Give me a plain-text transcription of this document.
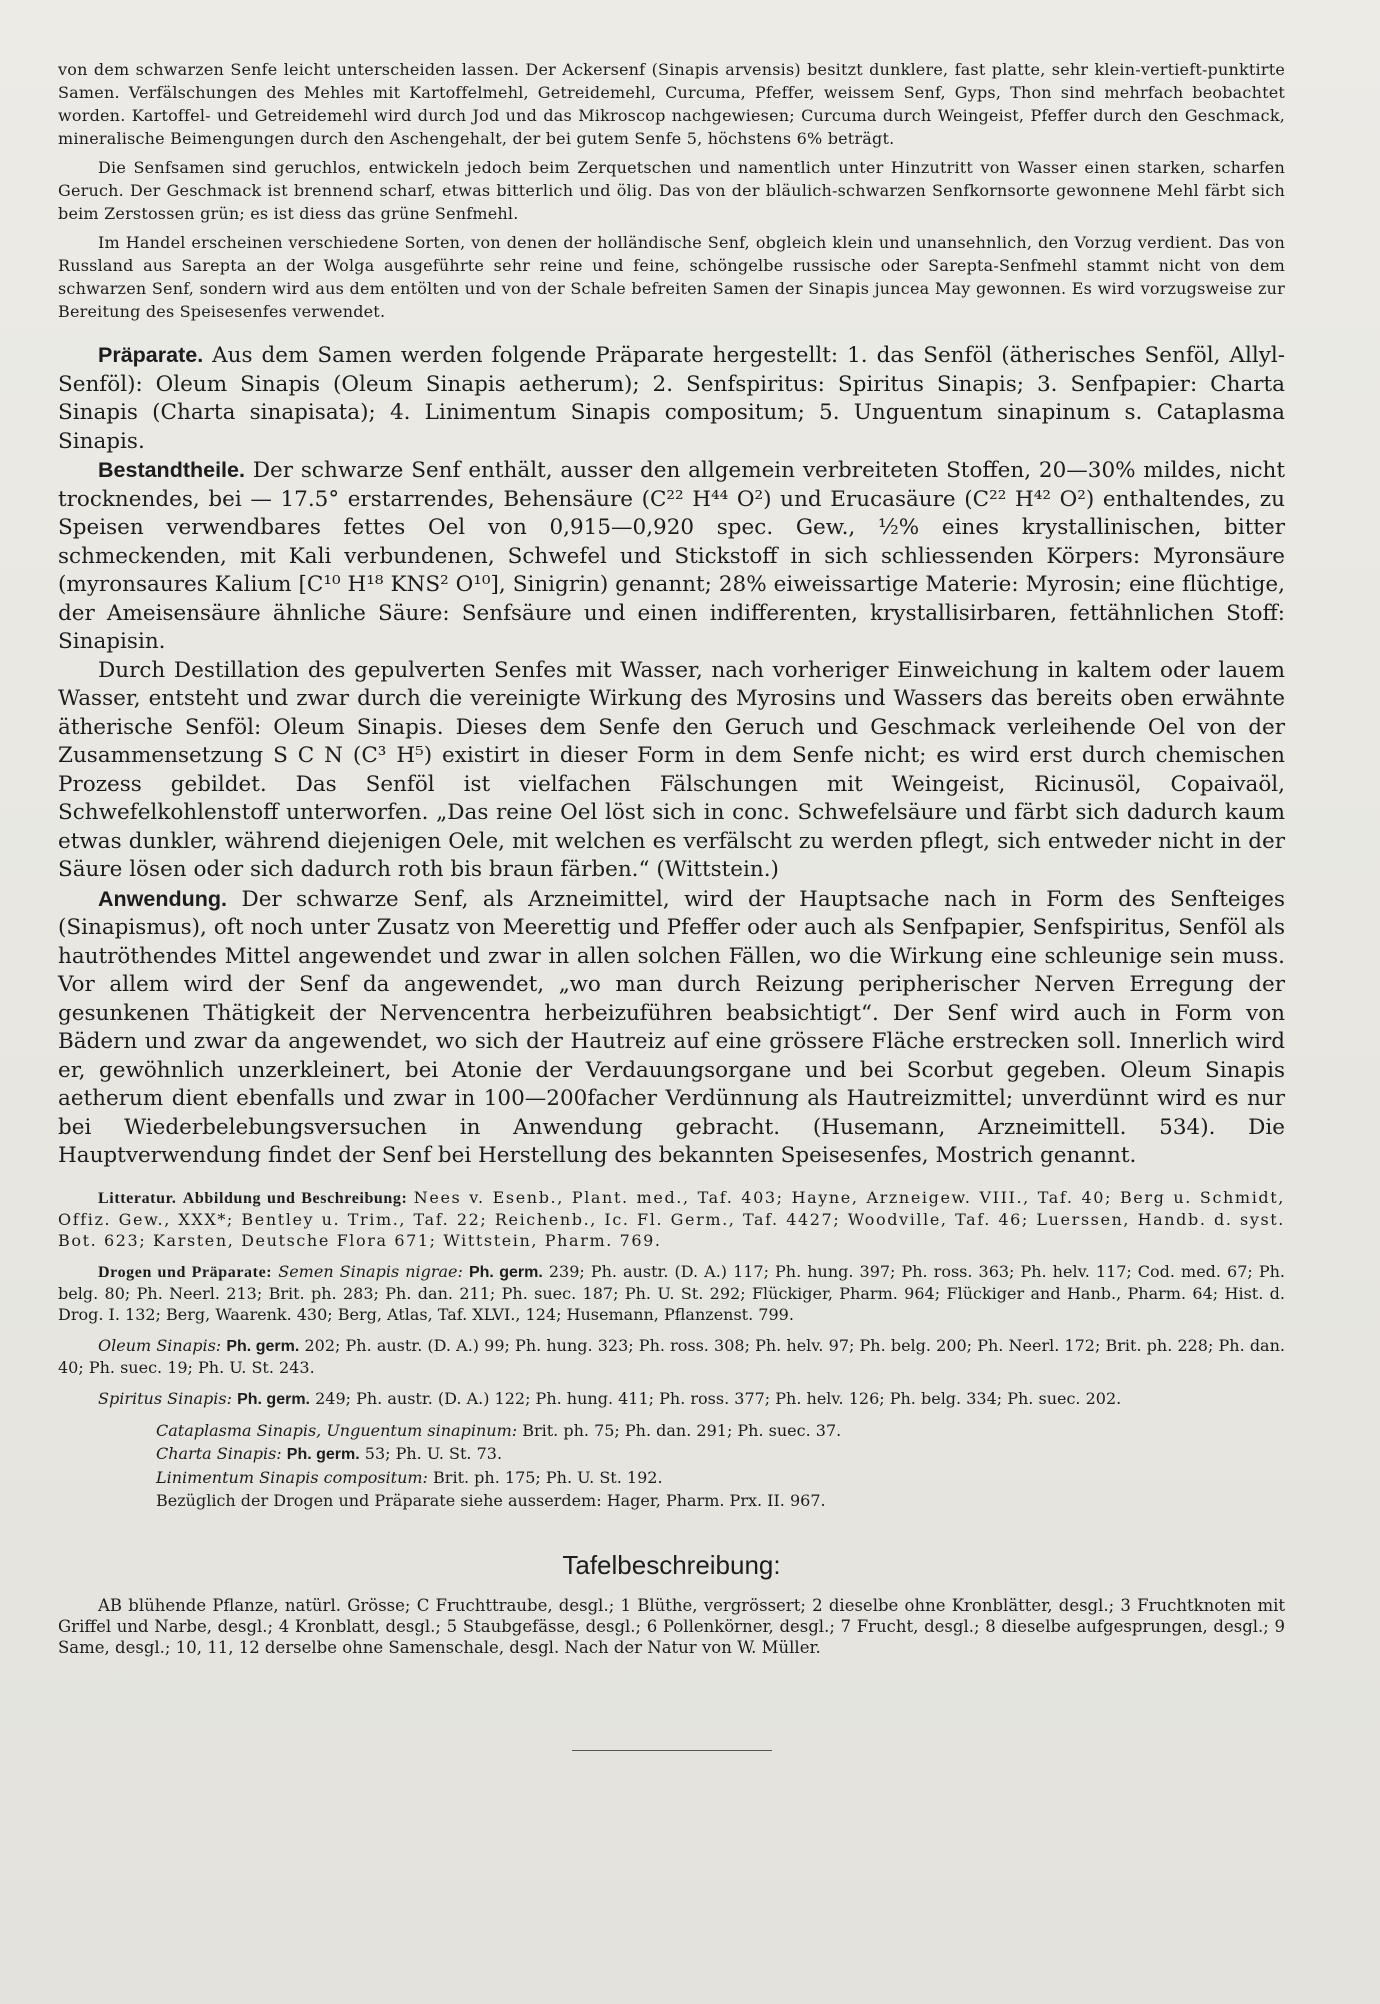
von dem schwarzen Senfe leicht unterscheiden lassen. Der Ackersenf (Sinapis arvensis) besitzt dunklere, fast platte, sehr klein-vertieft-punktirte Samen. Verfälschungen des Mehles mit Kartoffelmehl, Getreidemehl, Curcuma, Pfeffer, weissem Senf, Gyps, Thon sind mehrfach beobachtet worden. Kartoffel- und Getreidemehl wird durch Jod und das Mikroscop nachgewiesen; Curcuma durch Weingeist, Pfeffer durch den Geschmack, mineralische Beimengungen durch den Aschengehalt, der bei gutem Senfe 5, höchstens 6% beträgt.

Die Senfsamen sind geruchlos, entwickeln jedoch beim Zerquetschen und namentlich unter Hinzutritt von Wasser einen starken, scharfen Geruch. Der Geschmack ist brennend scharf, etwas bitterlich und ölig. Das von der bläulich-schwarzen Senfkornsorte gewonnene Mehl färbt sich beim Zerstossen grün; es ist diess das grüne Senfmehl.

Im Handel erscheinen verschiedene Sorten, von denen der holländische Senf, obgleich klein und unansehnlich, den Vorzug verdient. Das von Russland aus Sarepta an der Wolga ausgeführte sehr reine und feine, schöngelbe russische oder Sarepta-Senfmehl stammt nicht von dem schwarzen Senf, sondern wird aus dem entölten und von der Schale befreiten Samen der Sinapis juncea May gewonnen. Es wird vorzugsweise zur Bereitung des Speisesenfes verwendet.

Präparate. Aus dem Samen werden folgende Präparate hergestellt: 1. das Senföl (ätherisches Senföl, Allyl-Senföl): Oleum Sinapis (Oleum Sinapis aetherum); 2. Senfspiritus: Spiritus Sinapis; 3. Senfpapier: Charta Sinapis (Charta sinapisata); 4. Linimentum Sinapis compositum; 5. Unguentum sinapinum s. Cataplasma Sinapis.

Bestandtheile. Der schwarze Senf enthält, ausser den allgemein verbreiteten Stoffen, 20—30% mildes, nicht trocknendes, bei — 17.5° erstarrendes, Behensäure (C²² H⁴⁴ O²) und Erucasäure (C²² H⁴² O²) enthaltendes, zu Speisen verwendbares fettes Oel von 0,915—0,920 spec. Gew., ½% eines krystallinischen, bitter schmeckenden, mit Kali verbundenen, Schwefel und Stickstoff in sich schliessenden Körpers: Myronsäure (myronsaures Kalium [C¹⁰ H¹⁸ KNS² O¹⁰], Sinigrin) genannt; 28% eiweissartige Materie: Myrosin; eine flüchtige, der Ameisensäure ähnliche Säure: Senfsäure und einen indifferenten, krystallisirbaren, fettähnlichen Stoff: Sinapisin.

Durch Destillation des gepulverten Senfes mit Wasser, nach vorheriger Einweichung in kaltem oder lauem Wasser, entsteht und zwar durch die vereinigte Wirkung des Myrosins und Wassers das bereits oben erwähnte ätherische Senföl: Oleum Sinapis. Dieses dem Senfe den Geruch und Geschmack verleihende Oel von der Zusammensetzung S C N (C³ H⁵) existirt in dieser Form in dem Senfe nicht; es wird erst durch chemischen Prozess gebildet. Das Senföl ist vielfachen Fälschungen mit Weingeist, Ricinusöl, Copaivaöl, Schwefelkohlenstoff unterworfen. „Das reine Oel löst sich in conc. Schwefelsäure und färbt sich dadurch kaum etwas dunkler, während diejenigen Oele, mit welchen es verfälscht zu werden pflegt, sich entweder nicht in der Säure lösen oder sich dadurch roth bis braun färben.“ (Wittstein.)

Anwendung. Der schwarze Senf, als Arzneimittel, wird der Hauptsache nach in Form des Senfteiges (Sinapismus), oft noch unter Zusatz von Meerettig und Pfeffer oder auch als Senfpapier, Senfspiritus, Senföl als hautröthendes Mittel angewendet und zwar in allen solchen Fällen, wo die Wirkung eine schleunige sein muss. Vor allem wird der Senf da angewendet, „wo man durch Reizung peripherischer Nerven Erregung der gesunkenen Thätigkeit der Nervencentra herbeizuführen beabsichtigt“. Der Senf wird auch in Form von Bädern und zwar da angewendet, wo sich der Hautreiz auf eine grössere Fläche erstrecken soll. Innerlich wird er, gewöhnlich unzerkleinert, bei Atonie der Verdauungsorgane und bei Scorbut gegeben. Oleum Sinapis aetherum dient ebenfalls und zwar in 100—200facher Verdünnung als Hautreizmittel; unverdünnt wird es nur bei Wiederbelebungsversuchen in Anwendung gebracht. (Husemann, Arzneimittell. 534). Die Hauptverwendung findet der Senf bei Herstellung des bekannten Speisesenfes, Mostrich genannt.

Litteratur. Abbildung und Beschreibung: Nees v. Esenb., Plant. med., Taf. 403; Hayne, Arzneigew. VIII., Taf. 40; Berg u. Schmidt, Offiz. Gew., XXX*; Bentley u. Trim., Taf. 22; Reichenb., Ic. Fl. Germ., Taf. 4427; Woodville, Taf. 46; Luerssen, Handb. d. syst. Bot. 623; Karsten, Deutsche Flora 671; Wittstein, Pharm. 769.

Drogen und Präparate: Semen Sinapis nigrae: Ph. germ. 239; Ph. austr. (D. A.) 117; Ph. hung. 397; Ph. ross. 363; Ph. helv. 117; Cod. med. 67; Ph. belg. 80; Ph. Neerl. 213; Brit. ph. 283; Ph. dan. 211; Ph. suec. 187; Ph. U. St. 292; Flückiger, Pharm. 964; Flückiger and Hanb., Pharm. 64; Hist. d. Drog. I. 132; Berg, Waarenk. 430; Berg, Atlas, Taf. XLVI., 124; Husemann, Pflanzenst. 799.

Oleum Sinapis: Ph. germ. 202; Ph. austr. (D. A.) 99; Ph. hung. 323; Ph. ross. 308; Ph. helv. 97; Ph. belg. 200; Ph. Neerl. 172; Brit. ph. 228; Ph. dan. 40; Ph. suec. 19; Ph. U. St. 243.

Spiritus Sinapis: Ph. germ. 249; Ph. austr. (D. A.) 122; Ph. hung. 411; Ph. ross. 377; Ph. helv. 126; Ph. belg. 334; Ph. suec. 202.

Cataplasma Sinapis, Unguentum sinapinum: Brit. ph. 75; Ph. dan. 291; Ph. suec. 37.

Charta Sinapis: Ph. germ. 53; Ph. U. St. 73.

Linimentum Sinapis compositum: Brit. ph. 175; Ph. U. St. 192.

Bezüglich der Drogen und Präparate siehe ausserdem: Hager, Pharm. Prx. II. 967.

Tafelbeschreibung:

AB blühende Pflanze, natürl. Grösse; C Fruchttraube, desgl.; 1 Blüthe, vergrössert; 2 dieselbe ohne Kronblätter, desgl.; 3 Fruchtknoten mit Griffel und Narbe, desgl.; 4 Kronblatt, desgl.; 5 Staubgefässe, desgl.; 6 Pollenkörner, desgl.; 7 Frucht, desgl.; 8 dieselbe aufgesprungen, desgl.; 9 Same, desgl.; 10, 11, 12 derselbe ohne Samenschale, desgl. Nach der Natur von W. Müller.
